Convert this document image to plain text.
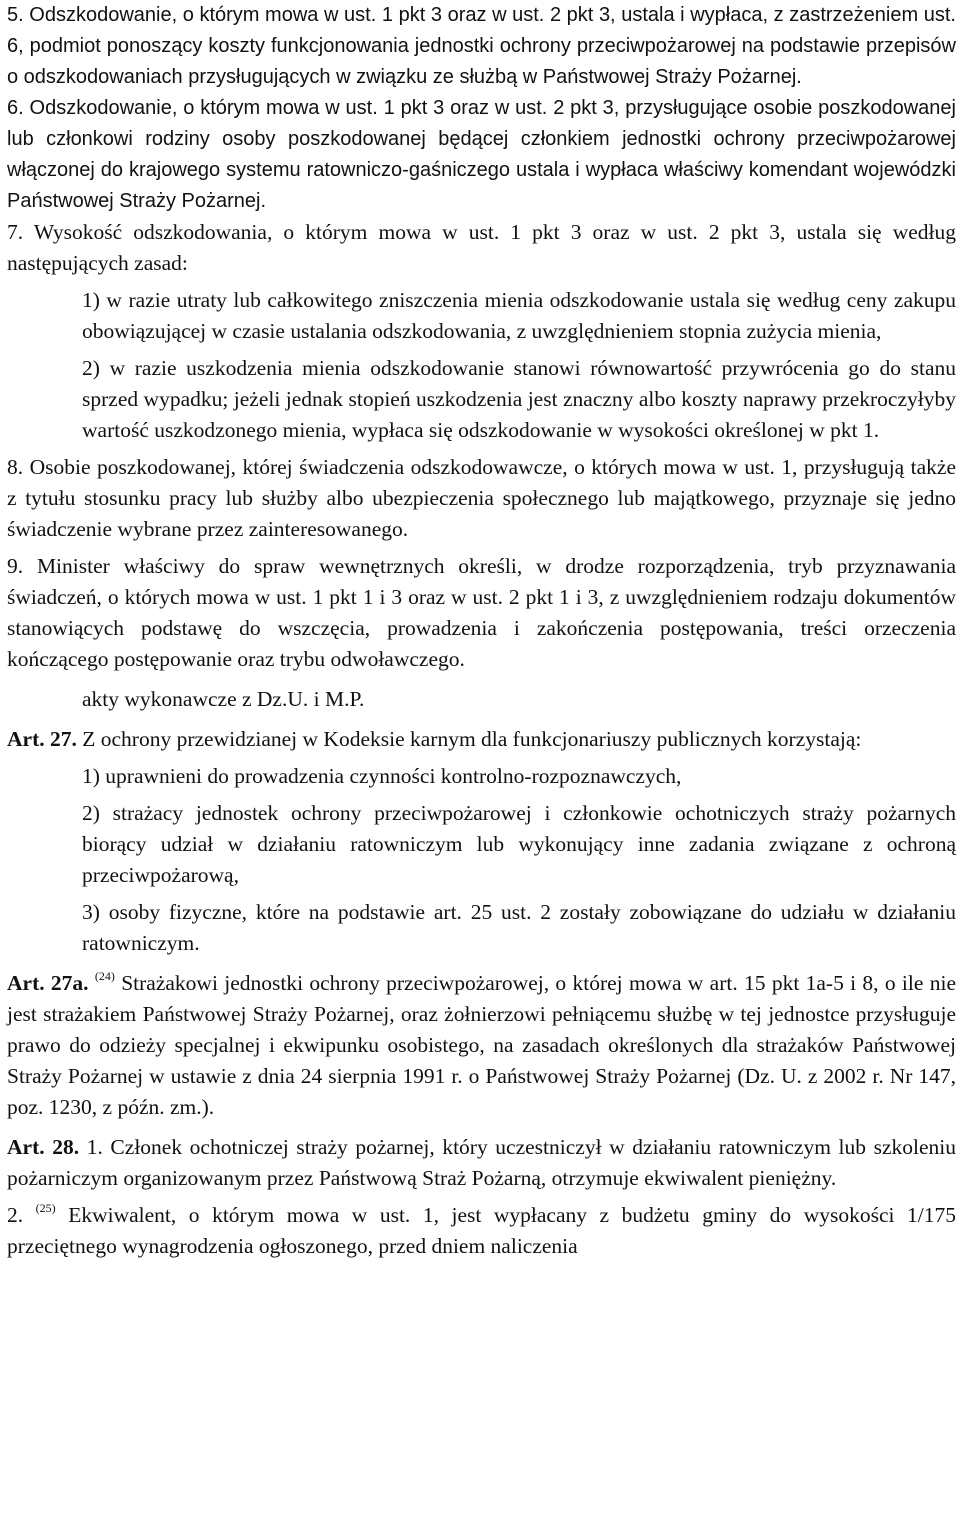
5. Odszkodowanie, o którym mowa w ust. 1 pkt 3 oraz w ust. 2 pkt 3, ustala i wypłaca, z zastrzeżeniem ust. 6, podmiot ponoszący koszty funkcjonowania jednostki ochrony przeciwpożarowej na podstawie przepisów o odszkodowaniach przysługujących w związku ze służbą w Państwowej Straży Pożarnej.

6. Odszkodowanie, o którym mowa w ust. 1 pkt 3 oraz w ust. 2 pkt 3, przysługujące osobie poszkodowanej lub członkowi rodziny osoby poszkodowanej będącej członkiem jednostki ochrony przeciwpożarowej włączonej do krajowego systemu ratowniczo-gaśniczego ustala i wypłaca właściwy komendant wojewódzki Państwowej Straży Pożarnej.

7. Wysokość odszkodowania, o którym mowa w ust. 1 pkt 3 oraz w ust. 2 pkt 3, ustala się według następujących zasad:

1) w razie utraty lub całkowitego zniszczenia mienia odszkodowanie ustala się według ceny zakupu obowiązującej w czasie ustalania odszkodowania, z uwzględnieniem stopnia zużycia mienia,

2) w razie uszkodzenia mienia odszkodowanie stanowi równowartość przywrócenia go do stanu sprzed wypadku; jeżeli jednak stopień uszkodzenia jest znaczny albo koszty naprawy przekroczyłyby wartość uszkodzonego mienia, wypłaca się odszkodowanie w wysokości określonej w pkt 1.

8. Osobie poszkodowanej, której świadczenia odszkodowawcze, o których mowa w ust. 1, przysługują także z tytułu stosunku pracy lub służby albo ubezpieczenia społecznego lub majątkowego, przyznaje się jedno świadczenie wybrane przez zainteresowanego.

9. Minister właściwy do spraw wewnętrznych określi, w drodze rozporządzenia, tryb przyznawania świadczeń, o których mowa w ust. 1 pkt 1 i 3 oraz w ust. 2 pkt 1 i 3, z uwzględnieniem rodzaju dokumentów stanowiących podstawę do wszczęcia, prowadzenia i zakończenia postępowania, treści orzeczenia kończącego postępowanie oraz trybu odwoławczego.

akty wykonawcze z Dz.U. i M.P.

Art. 27. Z ochrony przewidzianej w Kodeksie karnym dla funkcjonariuszy publicznych korzystają:

1) uprawnieni do prowadzenia czynności kontrolno-rozpoznawczych,

2) strażacy jednostek ochrony przeciwpożarowej i członkowie ochotniczych straży pożarnych biorący udział w działaniu ratowniczym lub wykonujący inne zadania związane z ochroną przeciwpożarową,

3) osoby fizyczne, które na podstawie art. 25 ust. 2 zostały zobowiązane do udziału w działaniu ratowniczym.

Art. 27a. $^{(24)}$ Strażakowi jednostki ochrony przeciwpożarowej, o której mowa w art. 15 pkt 1a-5 i 8, o ile nie jest strażakiem Państwowej Straży Pożarnej, oraz żołnierzowi pełniącemu służbę w tej jednostce przysługuje prawo do odzieży specjalnej i ekwipunku osobistego, na zasadach określonych dla strażaków Państwowej Straży Pożarnej w ustawie z dnia 24 sierpnia 1991 r. o Państwowej Straży Pożarnej (Dz. U. z 2002 r. Nr 147, poz. 1230, z późn. zm.).

Art. 28. 1. Członek ochotniczej straży pożarnej, który uczestniczył w działaniu ratowniczym lub szkoleniu pożarniczym organizowanym przez Państwową Straż Pożarną, otrzymuje ekwiwalent pieniężny.

2. $^{(25)}$ Ekwiwalent, o którym mowa w ust. 1, jest wypłacany z budżetu gminy do wysokości 1/175 przeciętnego wynagrodzenia ogłoszonego, przed dniem naliczenia
